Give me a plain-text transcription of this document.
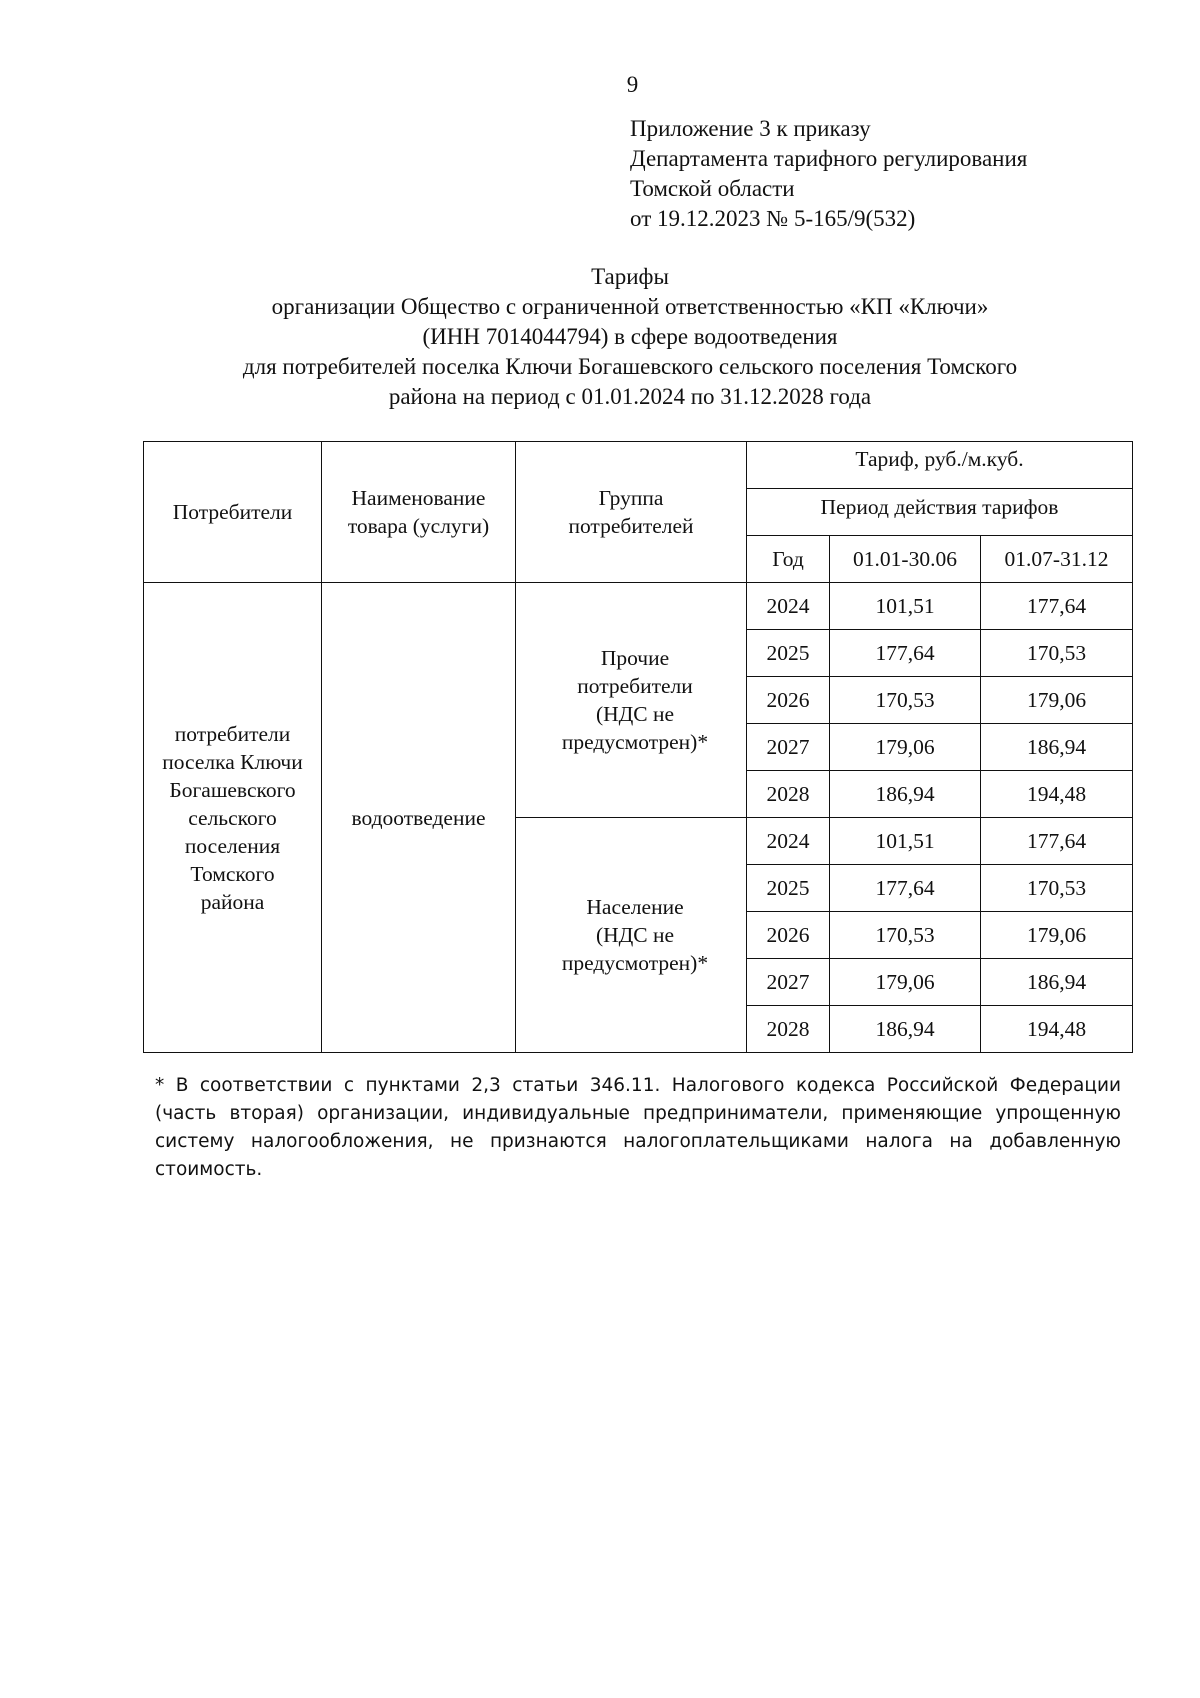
9
Приложение 3 к приказу
Департамента тарифного регулирования
Томской области
от 19.12.2023 № 5-165/9(532)
Тарифы
организации Общество с ограниченной ответственностью «КП «Ключи»
(ИНН 7014044794) в сфере водоотведения
для потребителей поселка Ключи Богашевского сельского поселения Томского
района на период с 01.01.2024 по 31.12.2028 года
Потребители	Наименование товара (услуги)	Группа потребителей	Тариф, руб./м.куб.		
			Период действия тарифов		
			Год	01.01-30.06	01.07-31.12
потребители поселка Ключи Богашевского сельского поселения Томского района	водоотведение	Прочие потребители (НДС не предусмотрен)*	2024	101,51	177,64
			2025	177,64	170,53
			2026	170,53	179,06
			2027	179,06	186,94
			2028	186,94	194,48
		Население (НДС не предусмотрен)*	2024	101,51	177,64
			2025	177,64	170,53
			2026	170,53	179,06
			2027	179,06	186,94
			2028	186,94	194,48
* В соответствии с пунктами 2,3 статьи 346.11. Налогового кодекса Российской Федерации (часть вторая) организации, индивидуальные предприниматели, применяющие упрощенную систему налогообложения, не признаются налогоплательщиками налога на добавленную стоимость.
